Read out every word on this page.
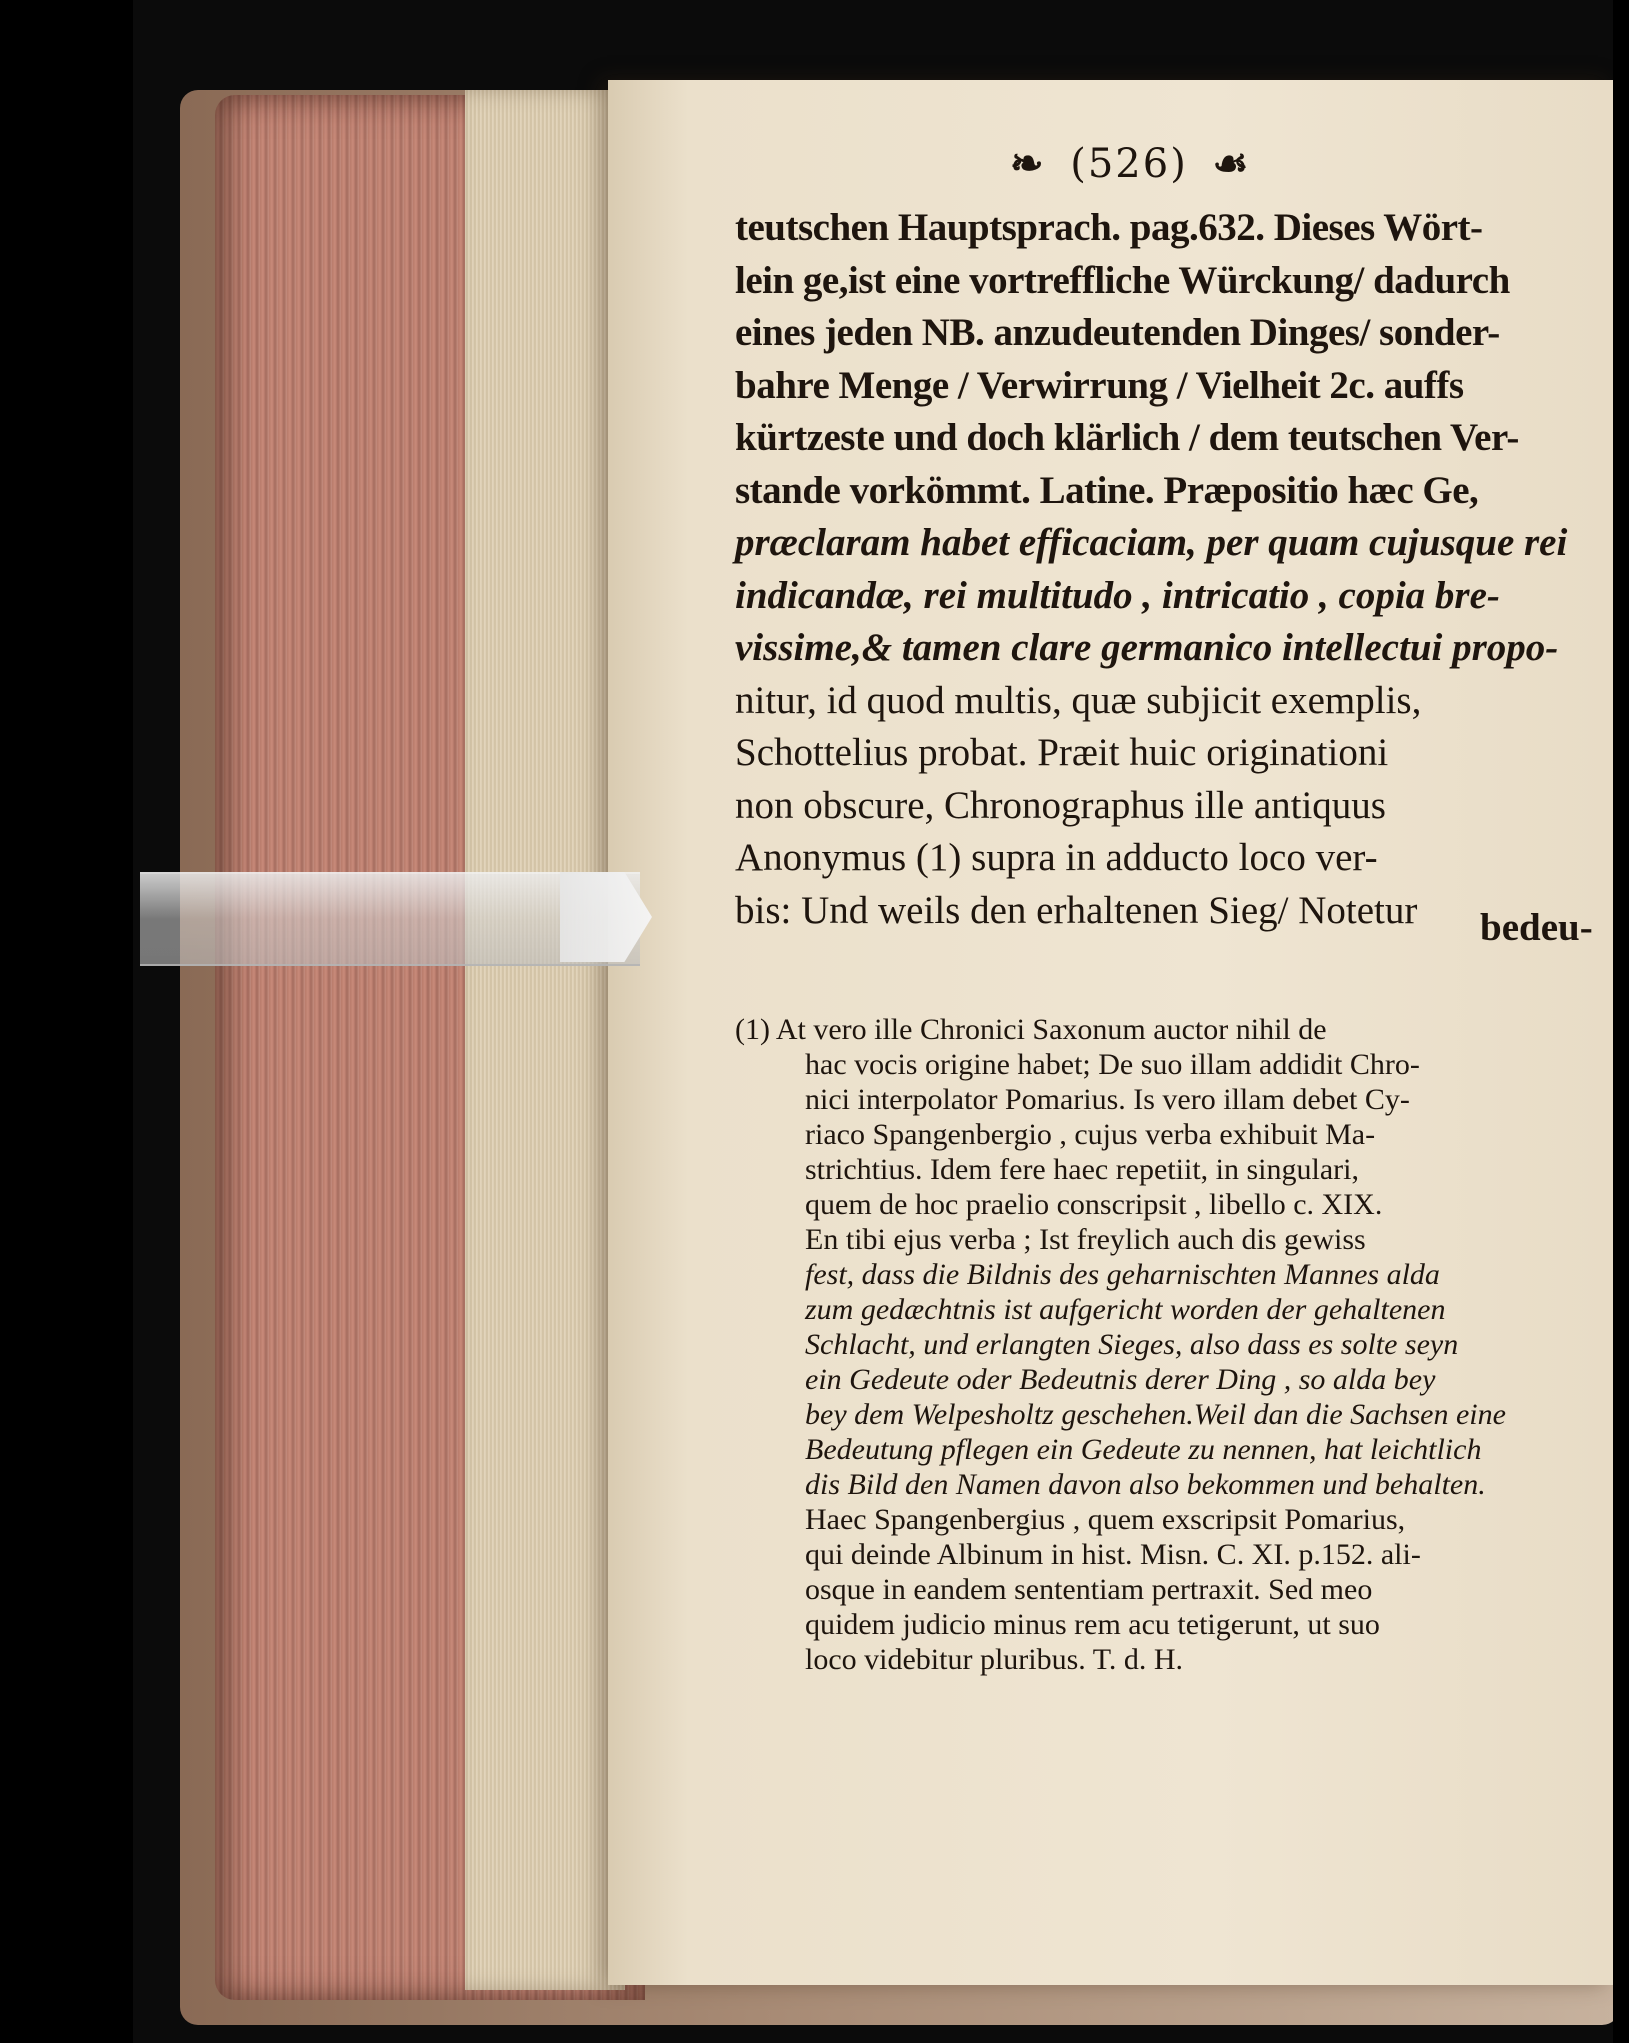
❧ (526) ☙
teutschen Hauptsprach. pag.632. Dieses Wört-
lein ge,ist eine vortreffliche Würckung/ dadurch
eines jeden NB. anzudeutenden Dinges/ sonder-
bahre Menge / Verwirrung / Vielheit 2c. auffs
kürtzeste und doch klärlich / dem teutschen Ver-
stande vorkömmt. Latine. Præpositio hæc Ge,
præclaram habet efficaciam, per quam cujusque rei
indicandæ, rei multitudo , intricatio , copia bre-
vissime,& tamen clare germanico intellectui propo-
nitur, id quod multis, quæ subjicit exemplis,
Schottelius probat. Præit huic originationi
non obscure, Chronographus ille antiquus
Anonymus (1) supra in adducto loco ver-
bis: Und weils den erhaltenen Sieg/ Notetur	bedeu-
(1) At vero ille Chronici Saxonum auctor nihil de
hac vocis origine habet; De suo illam addidit Chro-
nici interpolator Pomarius. Is vero illam debet Cy-
riaco Spangenbergio , cujus verba exhibuit Ma-
strichtius. Idem fere haec repetiit, in singulari,
quem de hoc praelio conscripsit , libello c. XIX.
En tibi ejus verba ; Ist freylich auch dis gewiss
fest, dass die Bildnis des geharnischten Mannes alda
zum gedæchtnis ist aufgericht worden der gehaltenen
Schlacht, und erlangten Sieges, also dass es solte seyn
ein Gedeute oder Bedeutnis derer Ding , so alda bey
bey dem Welpesholtz geschehen.Weil dan die Sachsen eine
Bedeutung pflegen ein Gedeute zu nennen, hat leichtlich
dis Bild den Namen davon also bekommen und behalten.
Haec Spangenbergius , quem exscripsit Pomarius,
qui deinde Albinum in hist. Misn. C. XI. p.152. ali-
osque in eandem sententiam pertraxit. Sed meo
quidem judicio minus rem acu tetigerunt, ut suo
loco videbitur pluribus. T. d. H.
